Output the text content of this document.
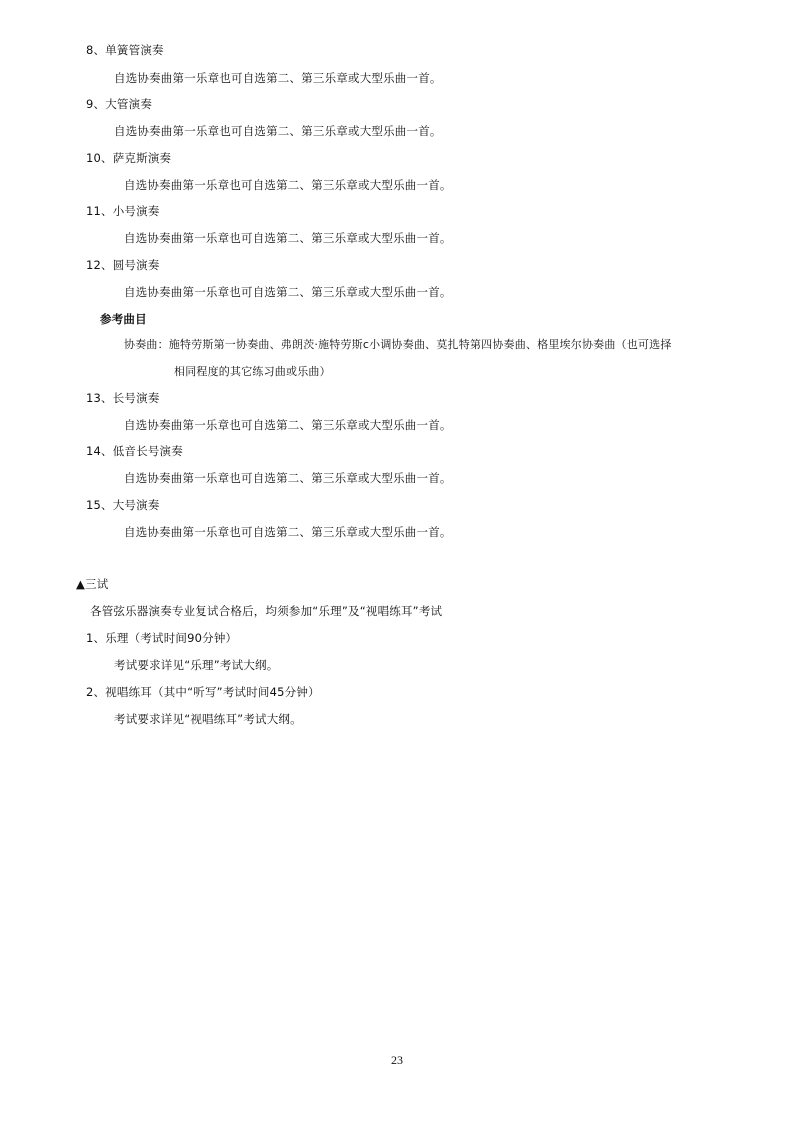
8、单簧管演奏
自选协奏曲第一乐章也可自选第二、第三乐章或大型乐曲一首。
9、大管演奏
自选协奏曲第一乐章也可自选第二、第三乐章或大型乐曲一首。
10、萨克斯演奏
自选协奏曲第一乐章也可自选第二、第三乐章或大型乐曲一首。
11、小号演奏
自选协奏曲第一乐章也可自选第二、第三乐章或大型乐曲一首。
12、圆号演奏
自选协奏曲第一乐章也可自选第二、第三乐章或大型乐曲一首。
参考曲目
协奏曲：施特劳斯第一协奏曲、弗朗茨·施特劳斯c小调协奏曲、莫扎特第四协奏曲、格里埃尔协奏曲（也可选择
相同程度的其它练习曲或乐曲）
13、长号演奏
自选协奏曲第一乐章也可自选第二、第三乐章或大型乐曲一首。
14、低音长号演奏
自选协奏曲第一乐章也可自选第二、第三乐章或大型乐曲一首。
15、大号演奏
自选协奏曲第一乐章也可自选第二、第三乐章或大型乐曲一首。
▲三试
各管弦乐器演奏专业复试合格后，均须参加“乐理”及“视唱练耳”考试
1、乐理（考试时间90分钟）
考试要求详见“乐理”考试大纲。
2、视唱练耳（其中“听写”考试时间45分钟）
考试要求详见“视唱练耳”考试大纲。
23
